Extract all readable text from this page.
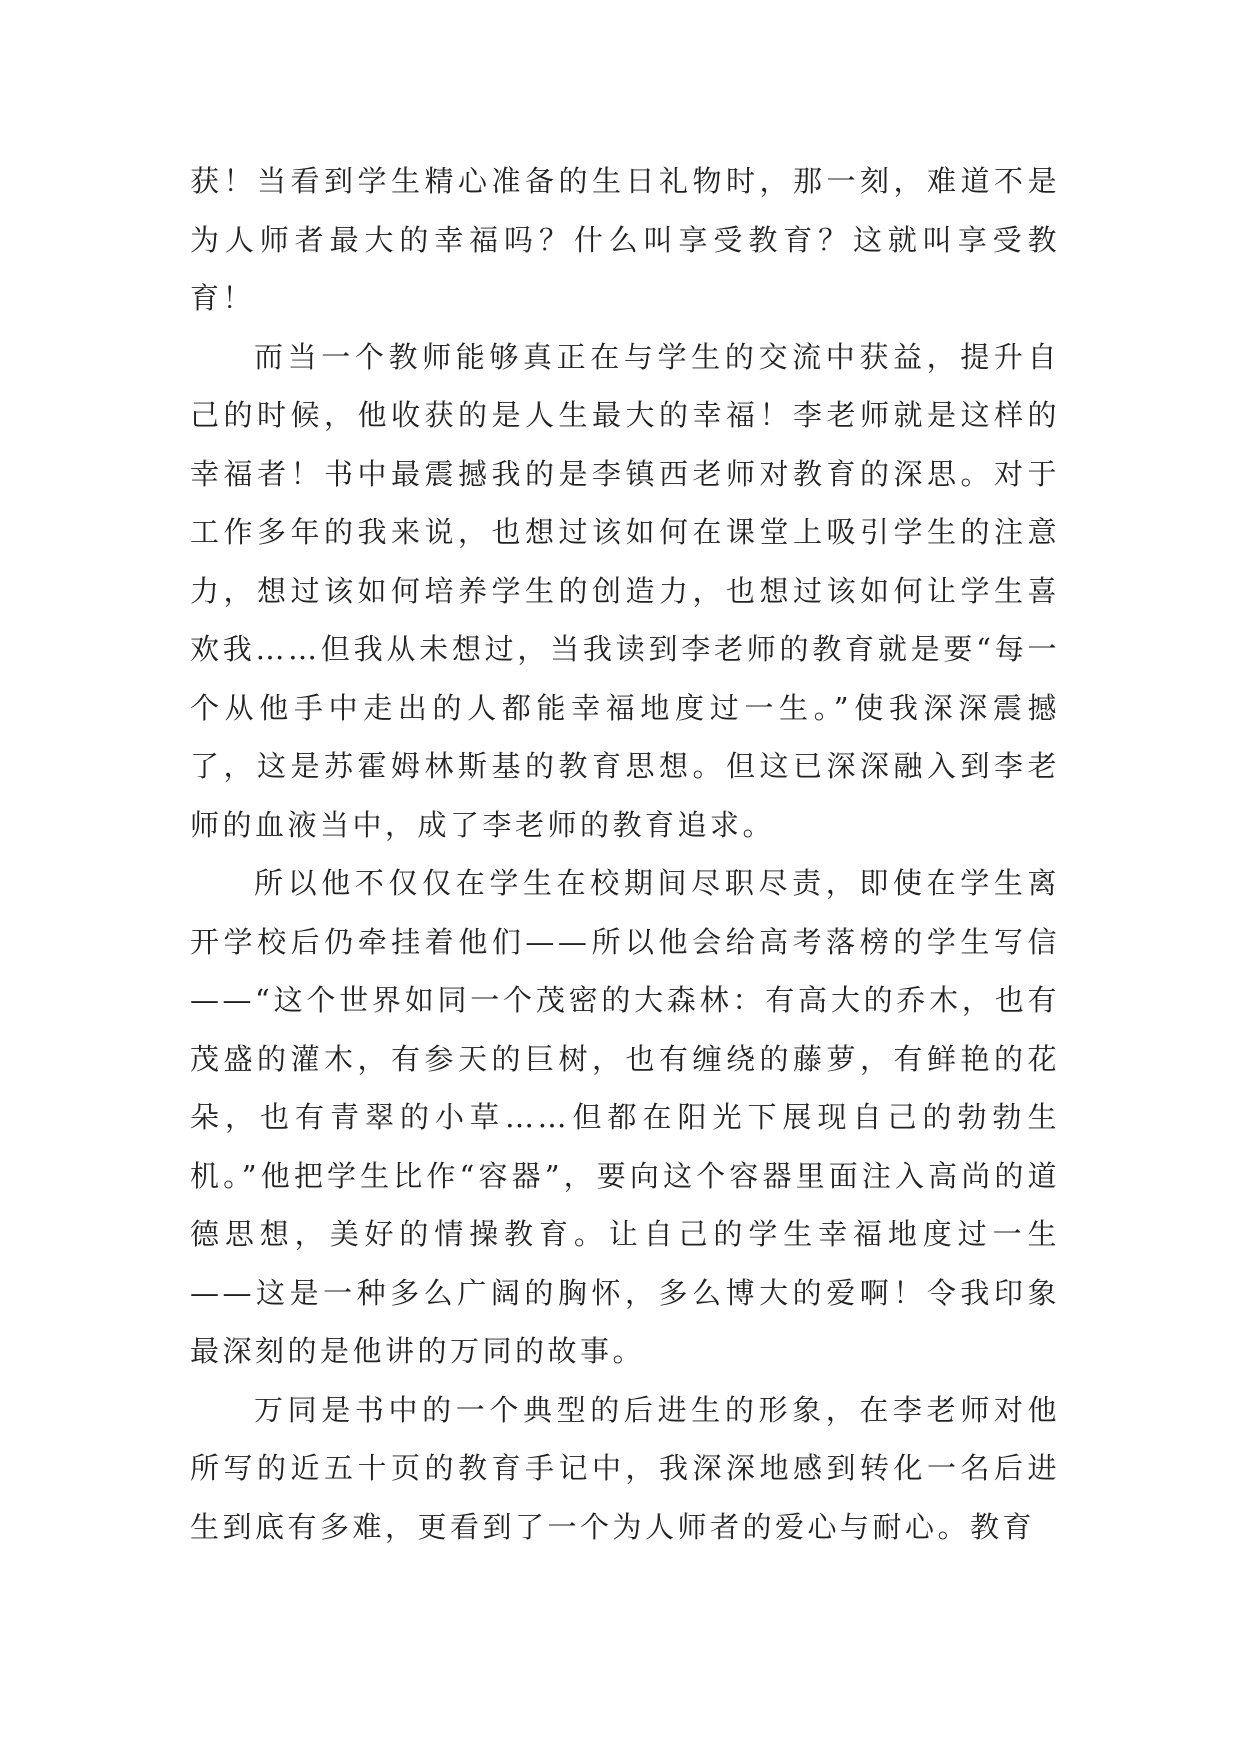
获！当看到学生精心准备的生日礼物时，那一刻，难道不是为人师者最大的幸福吗？什么叫享受教育？这就叫享受教育！

而当一个教师能够真正在与学生的交流中获益，提升自己的时候，他收获的是人生最大的幸福！李老师就是这样的幸福者！书中最震撼我的是李镇西老师对教育的深思。对于工作多年的我来说，也想过该如何在课堂上吸引学生的注意力，想过该如何培养学生的创造力，也想过该如何让学生喜欢我……但我从未想过，当我读到李老师的教育就是要“每一个从他手中走出的人都能幸福地度过一生。”使我深深震撼了，这是苏霍姆林斯基的教育思想。但这已深深融入到李老师的血液当中，成了李老师的教育追求。

所以他不仅仅在学生在校期间尽职尽责，即使在学生离开学校后仍牵挂着他们——所以他会给高考落榜的学生写信——“这个世界如同一个茂密的大森林：有高大的乔木，也有茂盛的灌木，有参天的巨树，也有缠绕的藤萝，有鲜艳的花朵，也有青翠的小草……但都在阳光下展现自己的勃勃生机。”他把学生比作“容器”，要向这个容器里面注入高尚的道德思想，美好的情操教育。让自己的学生幸福地度过一生——这是一种多么广阔的胸怀，多么博大的爱啊！令我印象最深刻的是他讲的万同的故事。

万同是书中的一个典型的后进生的形象，在李老师对他所写的近五十页的教育手记中，我深深地感到转化一名后进生到底有多难，更看到了一个为人师者的爱心与耐心。教育
